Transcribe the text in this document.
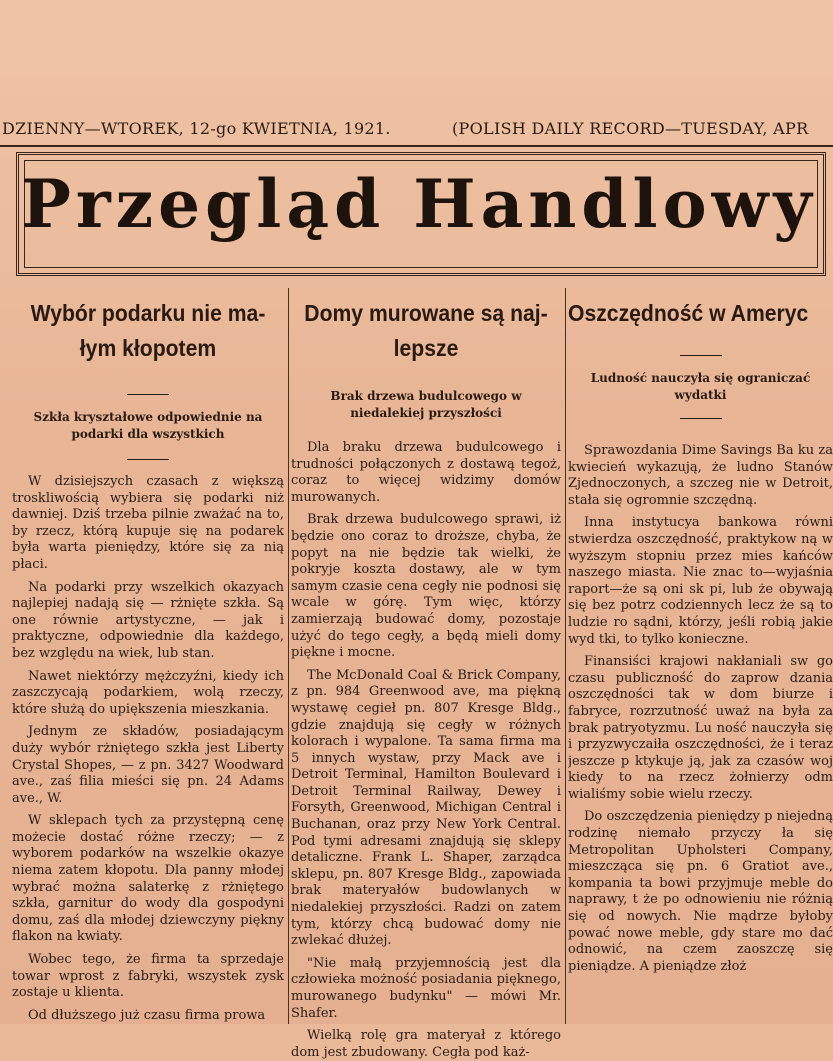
DZIENNY—WTOREK, 12-go KWIETNIA, 1921.	(POLISH DAILY RECORD—TUESDAY, APR
Przegląd Handlowy
Wybór podarku nie ma-
łym kłopotem
Szkła kryształowe odpowiednie na podarki dla wszystkich

W dzisiejszych czasach z większą troskliwością wybiera się podarki niż dawniej. Dziś trzeba pilnie zważać na to, by rzecz, którą kupuje się na podarek była warta pieniędzy, które się za nią płaci.

Na podarki przy wszelkich okazyach najlepiej nadają się — rżnięte szkła. Są one równie artystyczne, — jak i praktyczne, odpowiednie dla każdego, bez względu na wiek, lub stan.

Nawet niektórzy mężczyźni, kiedy ich zaszczycają podarkiem, wolą rzeczy, które służą do upiększenia mieszkania.

Jednym ze składów, posiadającym duży wybór rżniętego szkła jest Liberty Crystal Shopes, — z pn. 3427 Woodward ave., zaś filia mieści się pn. 24 Adams ave., W.

W sklepach tych za przystępną cenę możecie dostać różne rzeczy; — z wyborem podarków na wszelkie okazye niema zatem kłopotu. Dla panny młodej wybrać można salaterkę z rżniętego szkła, garnitur do wody dla gospodyni domu, zaś dla młodej dziewczyny piękny flakon na kwiaty.

Wobec tego, że firma ta sprzedaje towar wprost z fabryki, wszystek zysk zostaje u klienta.

Od dłuższego już czasu firma prowa

Domy murowane są naj-
lepsze
Brak drzewa budulcowego w niedalekiej przyszłości

Dla braku drzewa budulcowego i trudności połączonych z dostawą tegoż, coraz to więcej widzimy domów murowanych.

Brak drzewa budulcowego sprawi, iż będzie ono coraz to droższe, chyba, że popyt na nie będzie tak wielki, że pokryje koszta dostawy, ale w tym samym czasie cena cegły nie podnosi się wcale w górę. Tym więc, którzy zamierzają budować domy, pozostaje użyć do tego cegły, a będą mieli domy piękne i mocne.

The McDonald Coal & Brick Company, z pn. 984 Greenwood ave, ma piękną wystawę cegieł pn. 807 Kresge Bldg., gdzie znajdują się cegły w różnych kolorach i wypalone. Ta sama firma ma 5 innych wystaw, przy Mack ave i Detroit Terminal, Hamilton Boulevard i Detroit Terminal Railway, Dewey i Forsyth, Greenwood, Michigan Central i Buchanan, oraz przy New York Central. Pod tymi adresami znajdują się sklepy detaliczne. Frank L. Shaper, zarządca sklepu, pn. 807 Kresge Bldg., zapowiada brak materyałów budowlanych w niedalekiej przyszłości. Radzi on zatem tym, którzy chcą budować domy nie zwlekać dłużej.

"Nie małą przyjemnością jest dla człowieka możność posiadania pięknego, murowanego budynku" — mówi Mr. Shafer.

Wielką rolę gra materyał z którego dom jest zbudowany. Cegła pod każ-

Oszczędność w Ameryc
Ludność nauczyła się ograniczać wydatki

Sprawozdania Dime Savings Ba ku za kwiecień wykazują, że ludno Stanów Zjednoczonych, a szczeg nie w Detroit, stała się ogromnie szczędną.

Inna instytucya bankowa równi stwierdza oszczędność, praktykow ną w wyższym stopniu przez mies kańców naszego miasta. Nie znac to—wyjaśnia raport—że są oni sk pi, lub że obywają się bez potrz codziennych lecz że są to ludzie ro sądni, którzy, jeśli robią jakie wyd tki, to tylko konieczne.

Finansiści krajowi nakłaniali sw go czasu publiczność do zaprow dzania oszczędności tak w dom biurze i fabryce, rozrzutność uważ na była za brak patryotyzmu. Lu ność nauczyła się i przyzwyczaiła oszczędności, że i teraz jeszcze p ktykuje ją, jak za czasów woj kiedy to na rzecz żołnierzy odm wialiśmy sobie wielu rzeczy.

Do oszczędzenia pieniędzy p niejedną rodzinę niemało przyczy ła się Metropolitan Upholsteri Company, mieszcząca się pn. 6 Gratiot ave., kompania ta bowi przyjmuje meble do naprawy, t że po odnowieniu nie różnią się od nowych. Nie mądrze byłoby pować nowe meble, gdy stare mo dać odnowić, na czem zaoszczę się pieniądze. A pieniądze złoż
